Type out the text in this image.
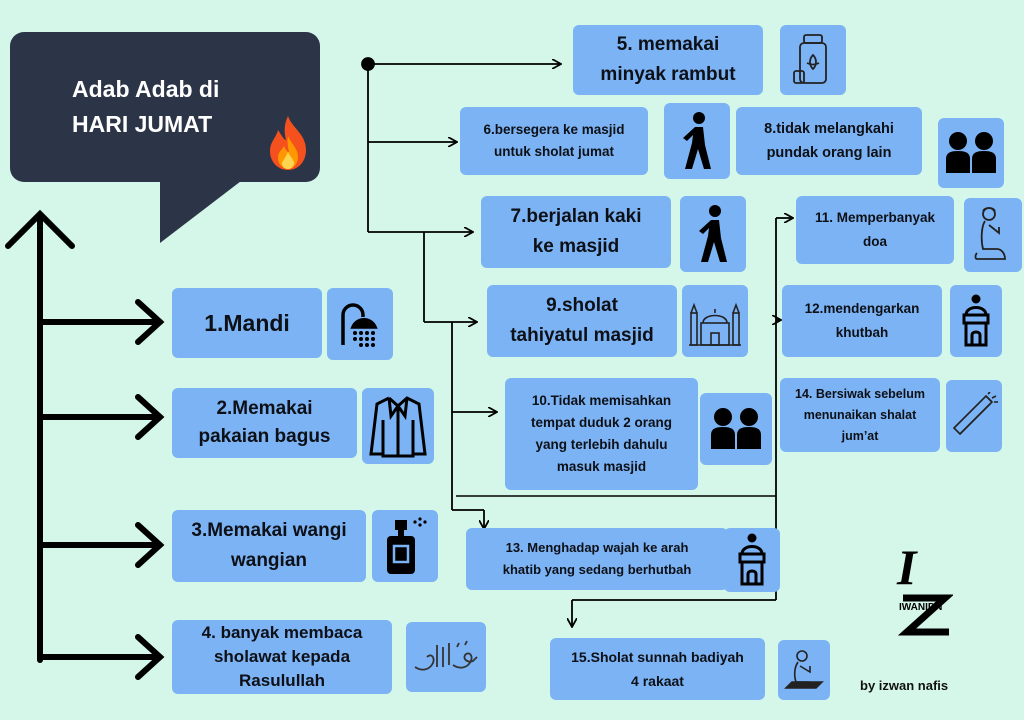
Adab Adab di
HARI JUMAT
1.Mandi
2.Memakai
pakaian bagus
3.Memakai wangi
wangian
4. banyak membaca
sholawat kepada
Rasulullah
5. memakai
minyak rambut
6.bersegera ke masjid
untuk sholat jumat
8.tidak melangkahi
pundak orang lain
7.berjalan kaki
ke masjid
11. Memperbanyak
doa
9.sholat
tahiyatul masjid
12.mendengarkan
khutbah
10.Tidak memisahkan
tempat duduk 2 orang
yang terlebih dahulu
masuk masjid
14. Bersiwak sebelum
menunaikan shalat
jum’at
13. Menghadap wajah ke arah
khatib yang sedang berhutbah
15.Sholat sunnah badiyah
4 rakaat
I
IWANIDN
by izwan nafis
